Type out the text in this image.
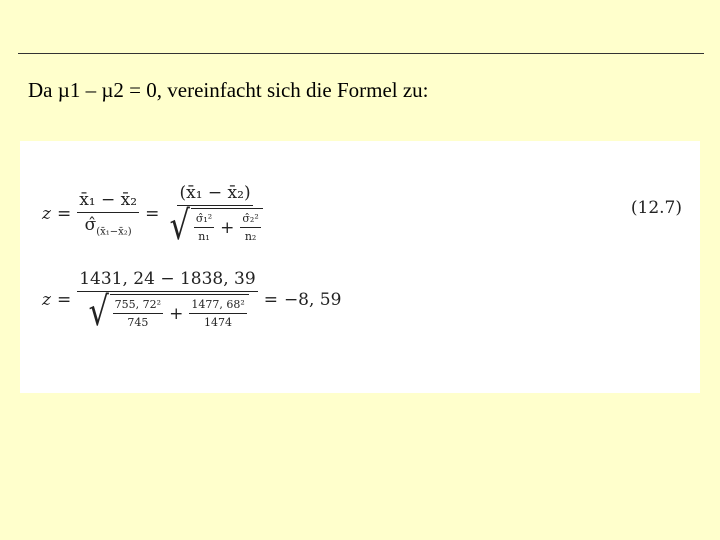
Da µ1 – µ2 = 0, vereinfacht sich die Formel zu:
$z = \frac{\text{x̄₁ − x̄₂}}{\sigmâ_{(x̄_1-x̄_2)}}$ =
(x̄₁ − x̄₂)
√ $\frac{\text{σ̂₁²}}{\text{n₁}} + \frac{\text{σ̂₂²}}{\text{n₂}}$
(12.7)
z =
1431, 24 − 1838, 39
√ $\frac{\text{755, 72²}}{745} + \frac{\text{1477, 68²}}{1474} = -8$, 59
